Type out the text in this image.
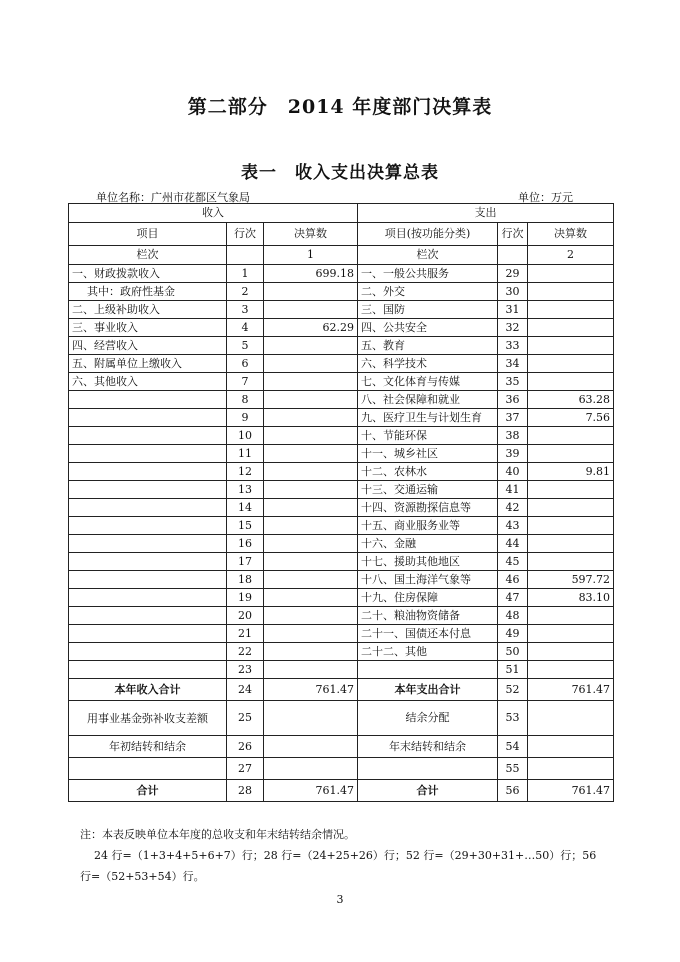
第二部分　2014 年度部门决算表
表一　收入支出决算总表
单位名称：广州市花都区气象局	单位：万元
收入			支出		
项目	行次	决算数	项目(按功能分类)	行次	决算数
栏次		1	栏次		2
一、财政拨款收入	1	699.18	一、一般公共服务	29	
其中：政府性基金	2		二、外交	30	
二、上级补助收入	3		三、国防	31	
三、事业收入	4	62.29	四、公共安全	32	
四、经营收入	5		五、教育	33	
五、附属单位上缴收入	6		六、科学技术	34	
六、其他收入	7		七、文化体育与传媒	35	
	8		八、社会保障和就业	36	63.28
	9		九、医疗卫生与计划生育	37	7.56
	10		十、节能环保	38	
	11		十一、城乡社区	39	
	12		十二、农林水	40	9.81
	13		十三、交通运输	41	
	14		十四、资源勘探信息等	42	
	15		十五、商业服务业等	43	
	16		十六、金融	44	
	17		十七、援助其他地区	45	
	18		十八、国土海洋气象等	46	597.72
	19		十九、住房保障	47	83.10
	20		二十、粮油物资储备	48	
	21		二十一、国债还本付息	49	
	22		二十二、其他	50	
	23			51	
本年收入合计	24	761.47	本年支出合计	52	761.47
用事业基金弥补收支差额	25		结余分配	53	
年初结转和结余	26		年末结转和结余	54	
	27			55	
合计	28	761.47	合计	56	761.47
注：本表反映单位本年度的总收支和年末结转结余情况。
24 行=（1+3+4+5+6+7）行；28 行=（24+25+26）行；52 行=（29+30+31+…50）行；56
行=（52+53+54）行。
3
